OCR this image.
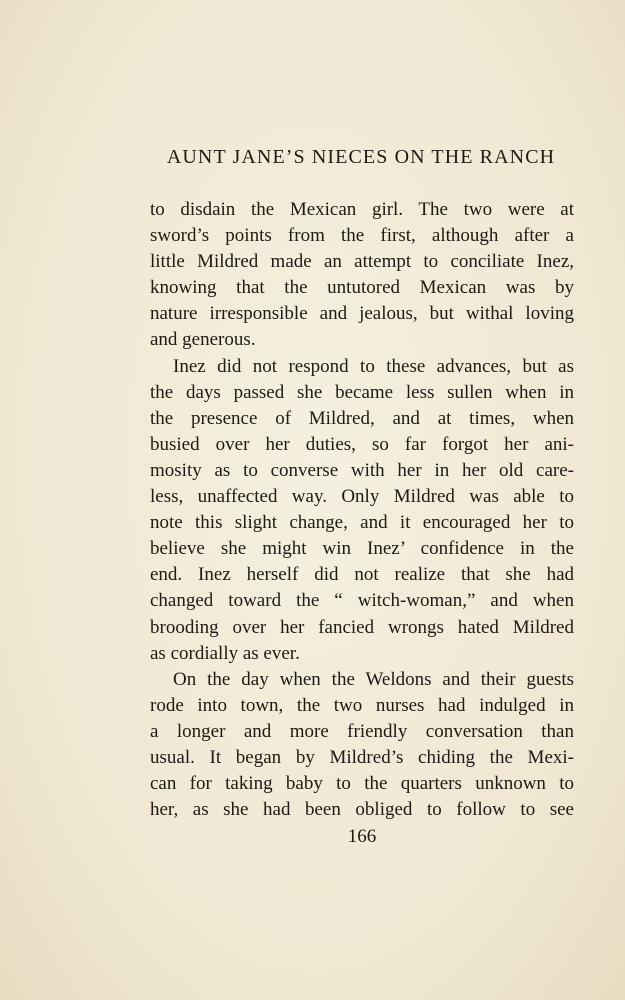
AUNT JANE’S NIECES ON THE RANCH
to disdain the Mexican girl. The two were at
sword’s points from the first, although after a
little Mildred made an attempt to conciliate Inez,
knowing that the untutored Mexican was by
nature irresponsible and jealous, but withal loving
and generous.
Inez did not respond to these advances, but as
the days passed she became less sullen when in
the presence of Mildred, and at times, when
busied over her duties, so far forgot her ani-
mosity as to converse with her in her old care-
less, unaffected way. Only Mildred was able to
note this slight change, and it encouraged her to
believe she might win Inez’ confidence in the
end. Inez herself did not realize that she had
changed toward the “ witch-woman,” and when
brooding over her fancied wrongs hated Mildred
as cordially as ever.
On the day when the Weldons and their guests
rode into town, the two nurses had indulged in
a longer and more friendly conversation than
usual. It began by Mildred’s chiding the Mexi-
can for taking baby to the quarters unknown to
her, as she had been obliged to follow to see
166
